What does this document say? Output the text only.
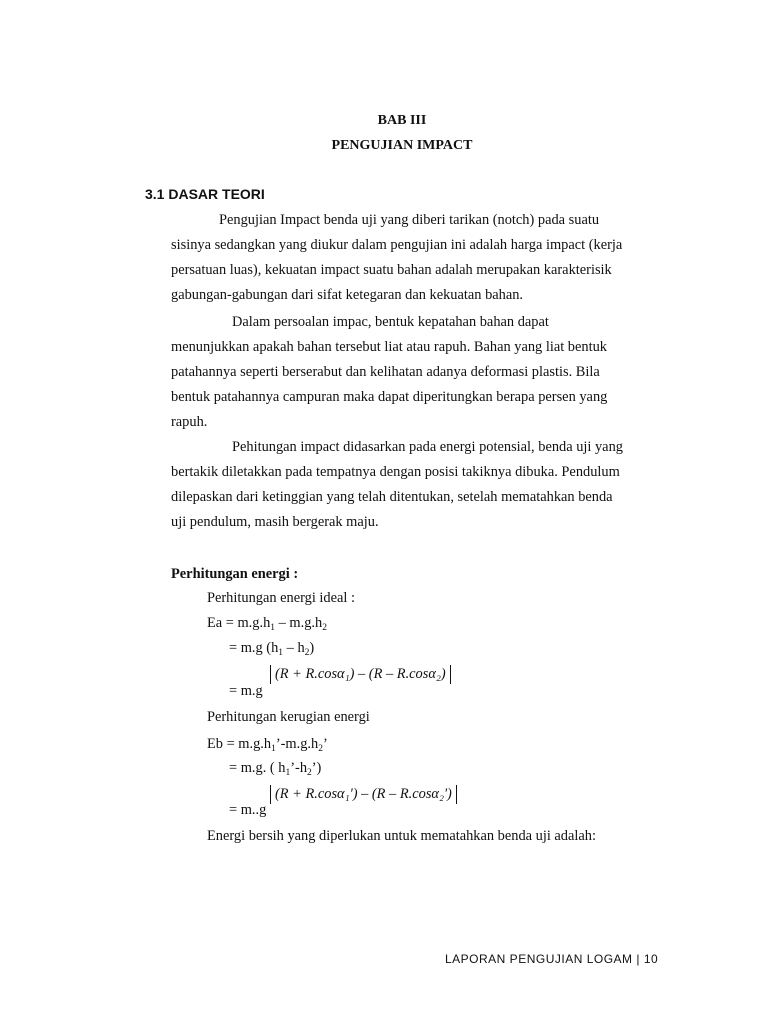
BAB III
PENGUJIAN IMPACT
3.1 DASAR TEORI

Pengujian Impact benda uji yang diberi tarikan (notch) pada suatu

sisinya sedangkan yang diukur dalam pengujian ini adalah harga impact (kerja

persatuan luas), kekuatan impact suatu bahan adalah merupakan karakterisik

gabungan-gabungan dari sifat ketegaran dan kekuatan bahan.

Dalam persoalan impac, bentuk kepatahan bahan dapat

menunjukkan apakah bahan tersebut liat atau rapuh. Bahan yang liat bentuk

patahannya seperti berserabut dan kelihatan adanya deformasi plastis. Bila

bentuk patahannya campuran maka dapat diperitungkan berapa persen yang

rapuh.

Pehitungan impact didasarkan pada energi potensial, benda uji yang

bertakik diletakkan pada tempatnya dengan posisi takiknya dibuka. Pendulum

dilepaskan dari ketinggian yang telah ditentukan, setelah mematahkan benda

uji pendulum, masih bergerak maju.

Perhitungan energi :
Perhitungan energi ideal :
$Ea = m.g.h_1 - m.g.h_2$
= m.g $(h_1 - h_2)$
(R + R.cosα₁) – (R – R.cosα₂)
= m.g
Perhitungan kerugian energi
$Eb = m.g.h_1’-m.g.h_2$’
= m.g. ( $h_1’-h_2$’)
(R + R.cosα₁') – (R – R.cosα₂')
= m..g
Energi bersih yang diperlukan untuk mematahkan benda uji adalah:
LAPORAN PENGUJIAN LOGAM | 10
